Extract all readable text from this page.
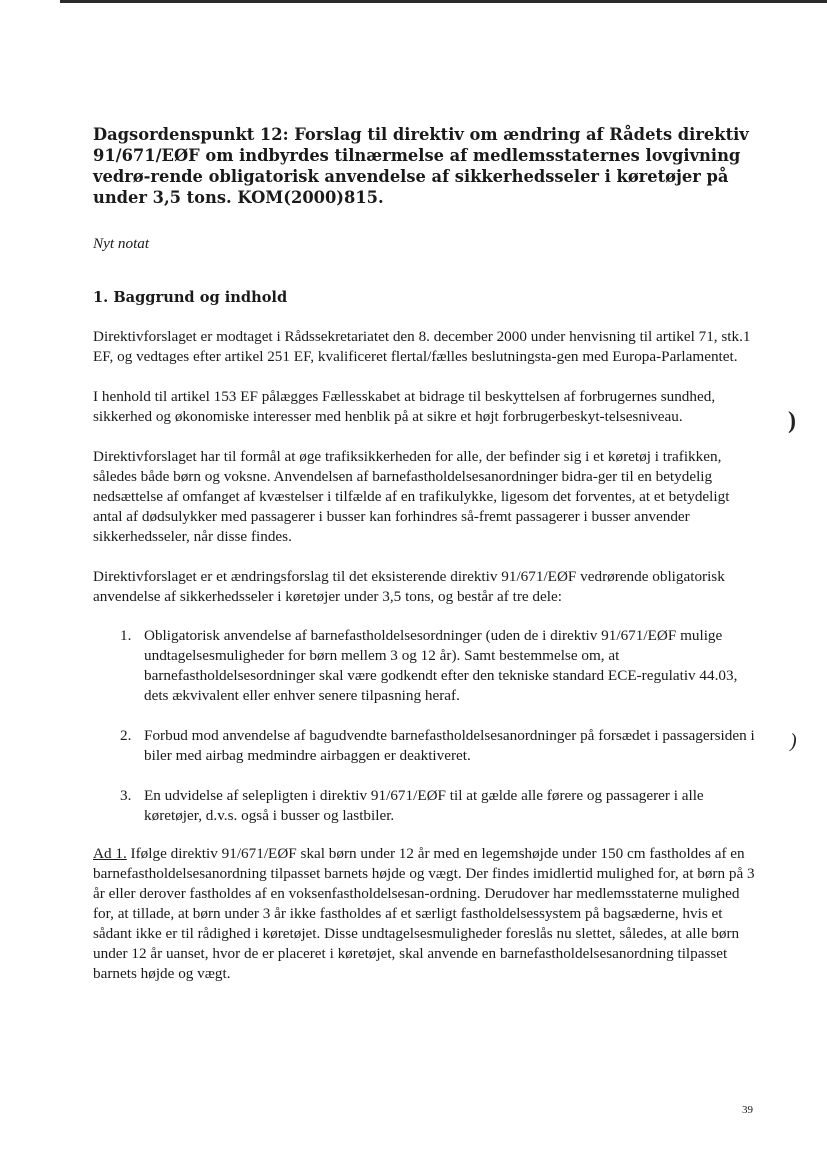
Dagsordenspunkt 12: Forslag til direktiv om ændring af Rådets direktiv 91/671/EØF om indbyrdes tilnærmelse af medlemsstaternes lovgivning vedrø-rende obligatorisk anvendelse af sikkerhedsseler i køretøjer på under 3,5 tons. KOM(2000)815.
Nyt notat
1. Baggrund og indhold

Direktivforslaget er modtaget i Rådssekretariatet den 8. december 2000 under henvisning til artikel 71, stk.1 EF, og vedtages efter artikel 251 EF, kvalificeret flertal/fælles beslutningsta-gen med Europa-Parlamentet.

I henhold til artikel 153 EF pålægges Fællesskabet at bidrage til beskyttelsen af forbrugernes sundhed, sikkerhed og økonomiske interesser med henblik på at sikre et højt forbrugerbeskyt-telsesniveau.

Direktivforslaget har til formål at øge trafiksikkerheden for alle, der befinder sig i et køretøj i trafikken, således både børn og voksne. Anvendelsen af barnefastholdelsesanordninger bidra-ger til en betydelig nedsættelse af omfanget af kvæstelser i tilfælde af en trafikulykke, ligesom det forventes, at et betydeligt antal af dødsulykker med passagerer i busser kan forhindres så-fremt passagerer i busser anvender sikkerhedsseler, når disse findes.

Direktivforslaget er et ændringsforslag til det eksisterende direktiv 91/671/EØF vedrørende obligatorisk anvendelse af sikkerhedsseler i køretøjer under 3,5 tons, og består af tre dele:

1. Obligatorisk anvendelse af barnefastholdelsesordninger (uden de i direktiv 91/671/EØF mulige undtagelsesmuligheder for børn mellem 3 og 12 år). Samt bestemmelse om, at barnefastholdelsesordninger skal være godkendt efter den tekniske standard ECE-regulativ 44.03, dets ækvivalent eller enhver senere tilpasning heraf.
2. Forbud mod anvendelse af bagudvendte barnefastholdelsesanordninger på forsædet i passagersiden i biler med airbag medmindre airbaggen er deaktiveret.
3. En udvidelse af selepligten i direktiv 91/671/EØF til at gælde alle førere og passagerer i alle køretøjer, d.v.s. også i busser og lastbiler.

Ad 1. Ifølge direktiv 91/671/EØF skal børn under 12 år med en legemshøjde under 150 cm fastholdes af en barnefastholdelsesanordning tilpasset barnets højde og vægt. Der findes imidlertid mulighed for, at børn på 3 år eller derover fastholdes af en voksenfastholdelsesan-ordning. Derudover har medlemsstaterne mulighed for, at tillade, at børn under 3 år ikke fastholdes af et særligt fastholdelsessystem på bagsæderne, hvis et sådant ikke er til rådighed i køretøjet. Disse undtagelsesmuligheder foreslås nu slettet, således, at alle børn under 12 år uanset, hvor de er placeret i køretøjet, skal anvende en barnefastholdelsesanordning tilpasset barnets højde og vægt.

)
)
39
